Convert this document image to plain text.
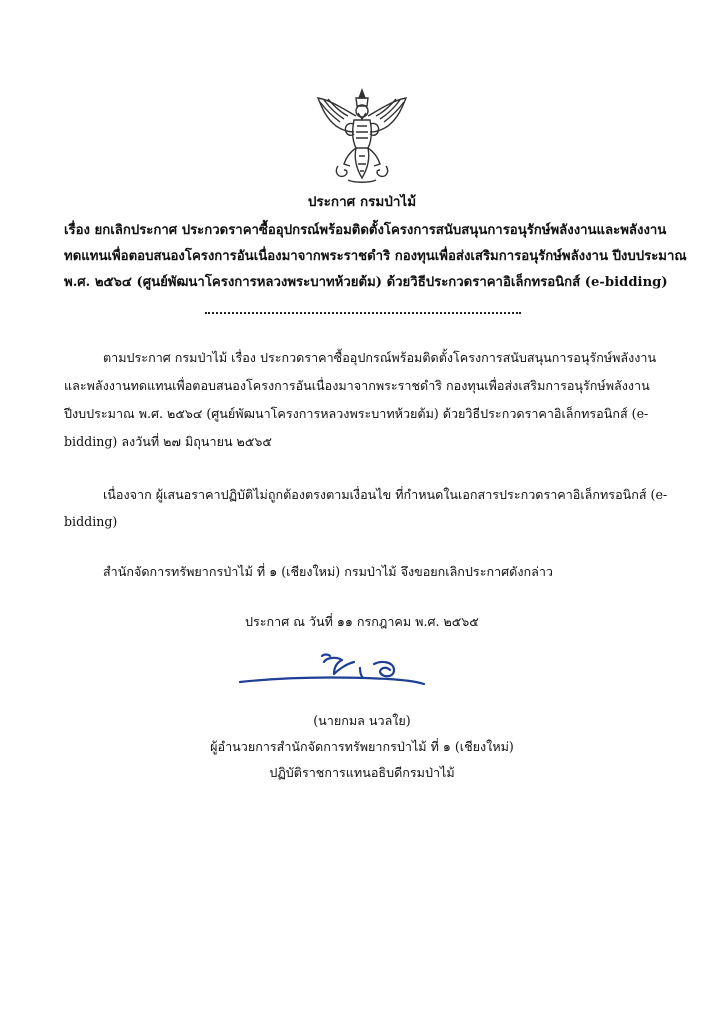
ประกาศ กรมป่าไม้
เรื่อง ยกเลิกประกาศ ประกวดราคาซื้ออุปกรณ์พร้อมติดตั้งโครงการสนับสนุนการอนุรักษ์พลังงานและพลังงาน
ทดแทนเพื่อตอบสนองโครงการอันเนื่องมาจากพระราชดำริ กองทุนเพื่อส่งเสริมการอนุรักษ์พลังงาน ปีงบประมาณ
พ.ศ. ๒๕๖๔ (ศูนย์พัฒนาโครงการหลวงพระบาทห้วยต้ม) ด้วยวิธีประกวดราคาอิเล็กทรอนิกส์ (e-bidding)
ตามประกาศ กรมป่าไม้ เรื่อง ประกวดราคาซื้ออุปกรณ์พร้อมติดตั้งโครงการสนับสนุนการอนุรักษ์พลังงาน
และพลังงานทดแทนเพื่อตอบสนองโครงการอันเนื่องมาจากพระราชดำริ กองทุนเพื่อส่งเสริมการอนุรักษ์พลังงาน
ปีงบประมาณ พ.ศ. ๒๕๖๔ (ศูนย์พัฒนาโครงการหลวงพระบาทห้วยต้ม) ด้วยวิธีประกวดราคาอิเล็กทรอนิกส์ (e-
bidding) ลงวันที่ ๒๗ มิถุนายน ๒๕๖๕
เนื่องจาก ผู้เสนอราคาปฏิบัติไม่ถูกต้องตรงตามเงื่อนไข ที่กำหนดในเอกสารประกวดราคาอิเล็กทรอนิกส์ (e-
bidding)
สำนักจัดการทรัพยากรป่าไม้ ที่ ๑ (เชียงใหม่) กรมป่าไม้ จึงขอยกเลิกประกาศดังกล่าว
ประกาศ ณ วันที่ ๑๑ กรกฎาคม พ.ศ. ๒๕๖๕
(นายกมล นวลใย)
ผู้อำนวยการสำนักจัดการทรัพยากรป่าไม้ ที่ ๑ (เชียงใหม่)
ปฏิบัติราชการแทนอธิบดีกรมป่าไม้
